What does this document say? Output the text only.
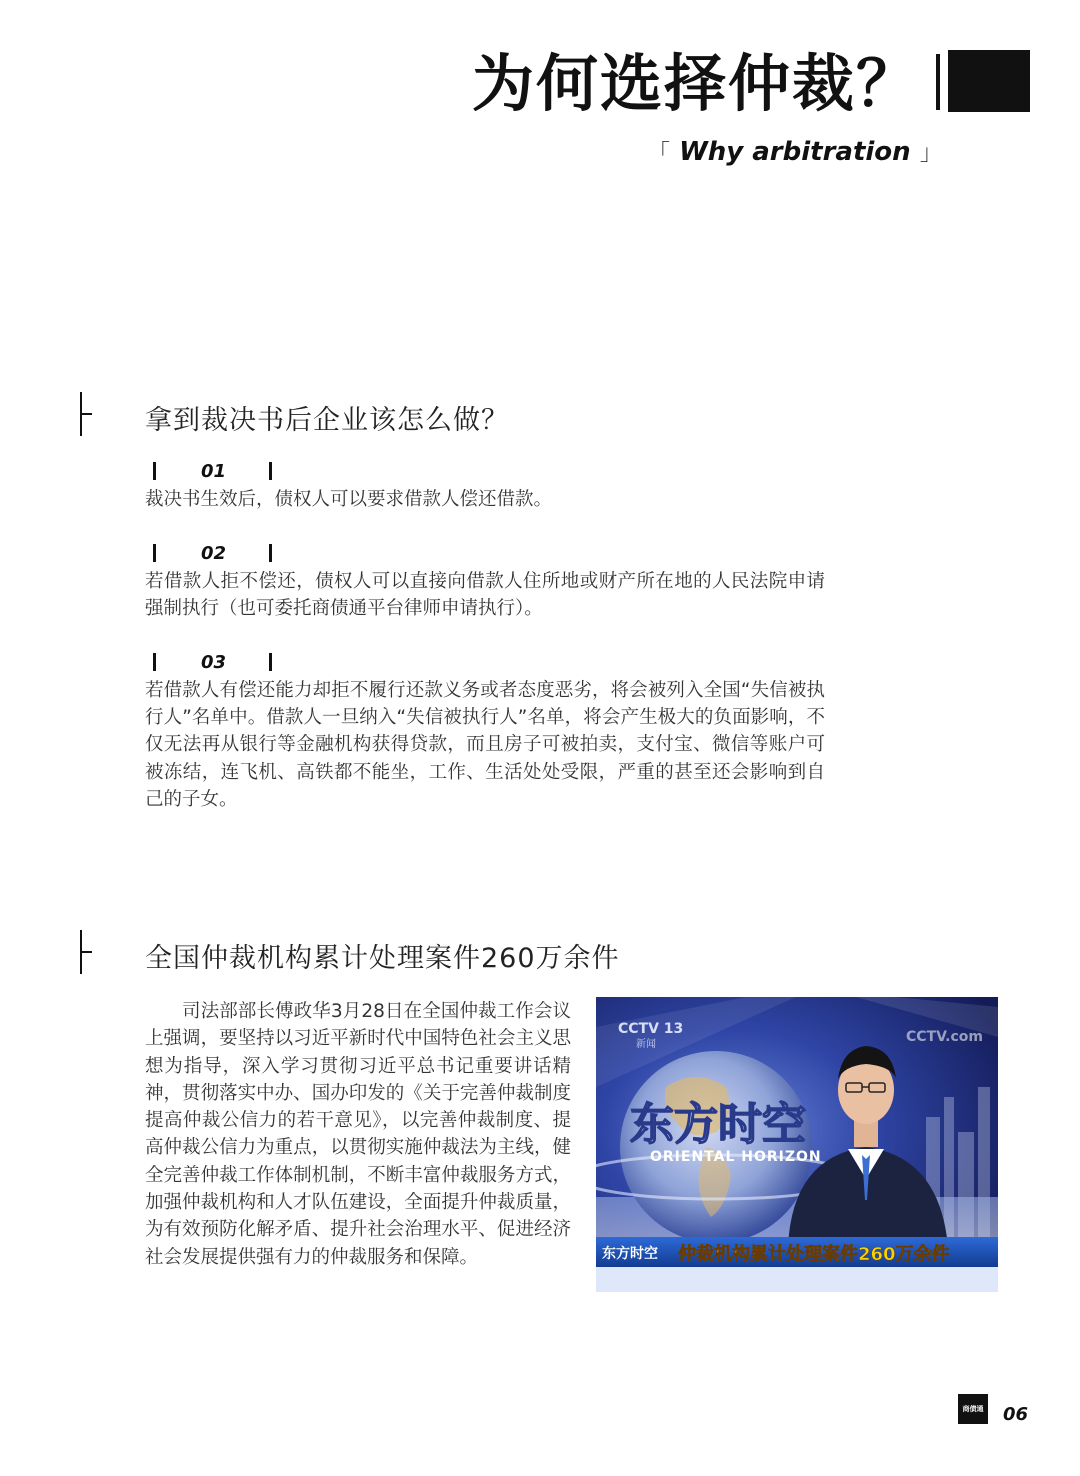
为何选择仲裁？
「 Why arbitration 」
拿到裁决书后企业该怎么做？
01
裁决书生效后，债权人可以要求借款人偿还借款。
02
若借款人拒不偿还，债权人可以直接向借款人住所地或财产所在地的人民法院申请强制执行（也可委托商债通平台律师申请执行）。
03
若借款人有偿还能力却拒不履行还款义务或者态度恶劣，将会被列入全国“失信被执行人”名单中。借款人一旦纳入“失信被执行人”名单，将会产生极大的负面影响，不仅无法再从银行等金融机构获得贷款，而且房子可被拍卖，支付宝、微信等账户可被冻结，连飞机、高铁都不能坐，工作、生活处处受限，严重的甚至还会影响到自己的子女。
全国仲裁机构累计处理案件260万余件
司法部部长傅政华3月28日在全国仲裁工作会议上强调，要坚持以习近平新时代中国特色社会主义思想为指导，深入学习贯彻习近平总书记重要讲话精神，贯彻落实中办、国办印发的《关于完善仲裁制度提高仲裁公信力的若干意见》，以完善仲裁制度、提高仲裁公信力为重点，以贯彻实施仲裁法为主线，健全完善仲裁工作体制机制，不断丰富仲裁服务方式，加强仲裁机构和人才队伍建设，全面提升仲裁质量，为有效预防化解矛盾、提升社会治理水平、促进经济社会发展提供强有力的仲裁服务和保障。
CCTV 13
新闻	CCTV.com
东方时空
ORIENTAL HORIZON
东方时空 仲裁机构累计处理案件260万余件
商债通 06
